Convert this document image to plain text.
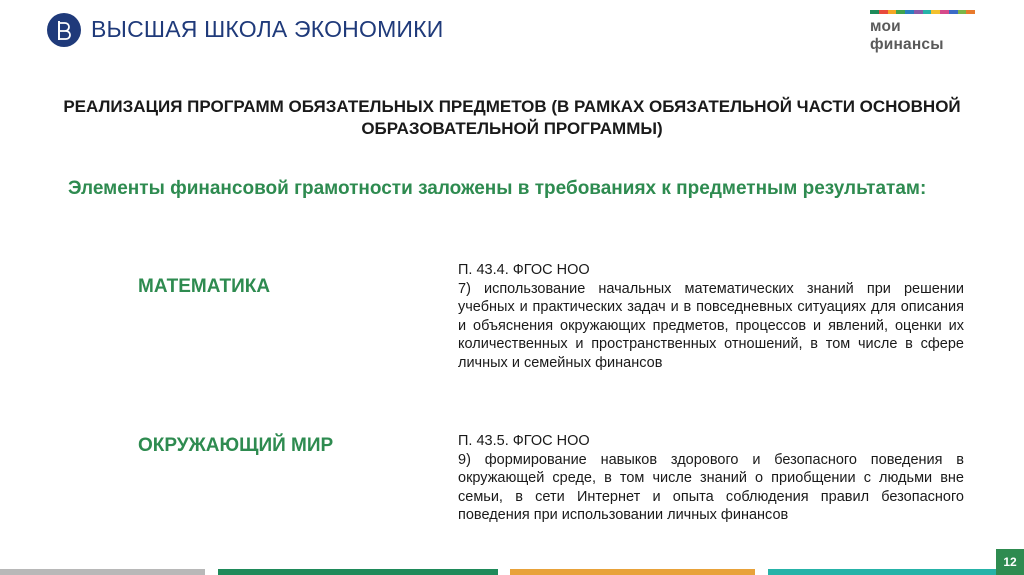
ВЫСШАЯ ШКОЛА ЭКОНОМИКИ	мои финансы
РЕАЛИЗАЦИЯ ПРОГРАММ ОБЯЗАТЕЛЬНЫХ ПРЕДМЕТОВ (В РАМКАХ ОБЯЗАТЕЛЬНОЙ ЧАСТИ ОСНОВНОЙ ОБРАЗОВАТЕЛЬНОЙ ПРОГРАММЫ)
Элементы финансовой грамотности заложены в требованиях к предметным результатам:
МАТЕМАТИКА
П. 43.4. ФГОС НОО
7) использование начальных математических знаний при решении учебных и практических задач и в повседневных ситуациях для описания и объяснения окружающих предметов, процессов и явлений, оценки их количественных и пространственных отношений, в том числе в сфере личных и семейных финансов
ОКРУЖАЮЩИЙ МИР	П. 43.5. ФГОС НОО
9) формирование навыков здорового и безопасного поведения в окружающей среде, в том числе знаний о приобщении с людьми вне семьи, в сети Интернет и опыта соблюдения правил безопасного поведения при использовании личных финансов
12
